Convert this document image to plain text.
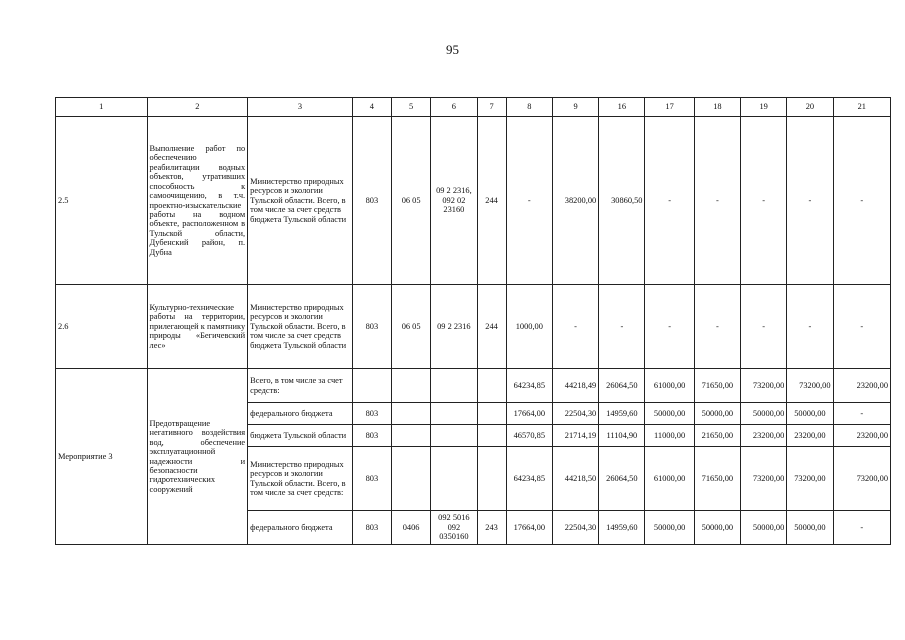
95
1	2	3	4	5	6	7	8	9	16	17	18	19	20	21
2.5	Выполнение работ по обеспечению реабилитации водных объектов, утративших способность к самоочищению, в т.ч. проектно-изыскательские работы на водном объекте, расположенном в Тульской области, Дубенский район, п. Дубна	Министерство природных ресурсов и экологии Тульской области. Всего, в том числе за счет средств бюджета Тульской области	803	06 05	09 2 2316, 092 02 23160	244	-	38200,00	30860,50	-	-	-	-	-
2.6	Культурно-технические работы на территории, прилегающей к памятнику природы «Бегичевский лес»	Министерство природных ресурсов и экологии Тульской области. Всего, в том числе за счет средств бюджета Тульской области	803	06 05	09 2 2316	244	1000,00	-	-	-	-	-	-	-
Мероприятие 3	Предотвращение негативного воздействия вод, обеспечение эксплуатационной надежности и безопасности гидротехнических сооружений	Всего, в том числе за счет средств:					64234,85	44218,49	26064,50	61000,00	71650,00	73200,00	73200,00	23200,00
		федерального бюджета	803				17664,00	22504,30	14959,60	50000,00	50000,00	50000,00	50000,00	-
		бюджета Тульской области	803				46570,85	21714,19	11104,90	11000,00	21650,00	23200,00	23200,00	23200,00
		Министерство природных ресурсов и экологии Тульской области. Всего, в том числе за счет средств:	803				64234,85	44218,50	26064,50	61000,00	71650,00	73200,00	73200,00	73200,00
		федерального бюджета	803	0406	092 5016 092 0350160	243	17664,00	22504,30	14959,60	50000,00	50000,00	50000,00	50000,00	-
